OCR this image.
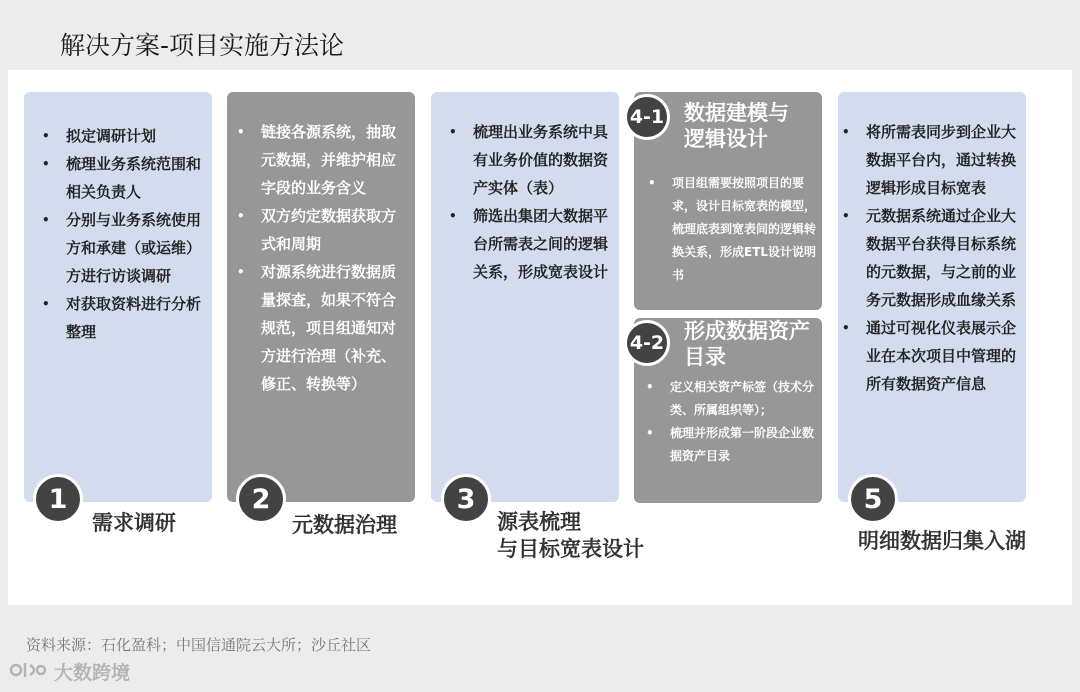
解决方案-项目实施方法论
• 拟定调研计划
• 梳理业务系统范围和相关负责人
• 分别与业务系统使用方和承建（或运维）方进行访谈调研
• 对获取资料进行分析整理
1
需求调研
• 链接各源系统，抽取元数据，并维护相应字段的业务含义
• 双方约定数据获取方式和周期
• 对源系统进行数据质量探查，如果不符合规范，项目组通知对方进行治理（补充、修正、转换等）
2
元数据治理
• 梳理出业务系统中具有业务价值的数据资产实体（表）
• 筛选出集团大数据平台所需表之间的逻辑关系，形成宽表设计
3
源表梳理
与目标宽表设计
• 项目组需要按照项目的要求，设计目标宽表的模型，梳理底表到宽表间的逻辑转换关系，形成ETL设计说明书
4-1 数据建模与
逻辑设计
• 定义相关资产标签（技术分类、所属组织等）；
• 梳理并形成第一阶段企业数据资产目录
4-2 形成数据资产
目录
• 将所需表同步到企业大数据平台内，通过转换逻辑形成目标宽表
• 元数据系统通过企业大数据平台获得目标系统的元数据，与之前的业务元数据形成血缘关系
• 通过可视化仪表展示企业在本次项目中管理的所有数据资产信息
5
明细数据归集入湖
资料来源：石化盈科；中国信通院云大所；沙丘社区
大数跨境
